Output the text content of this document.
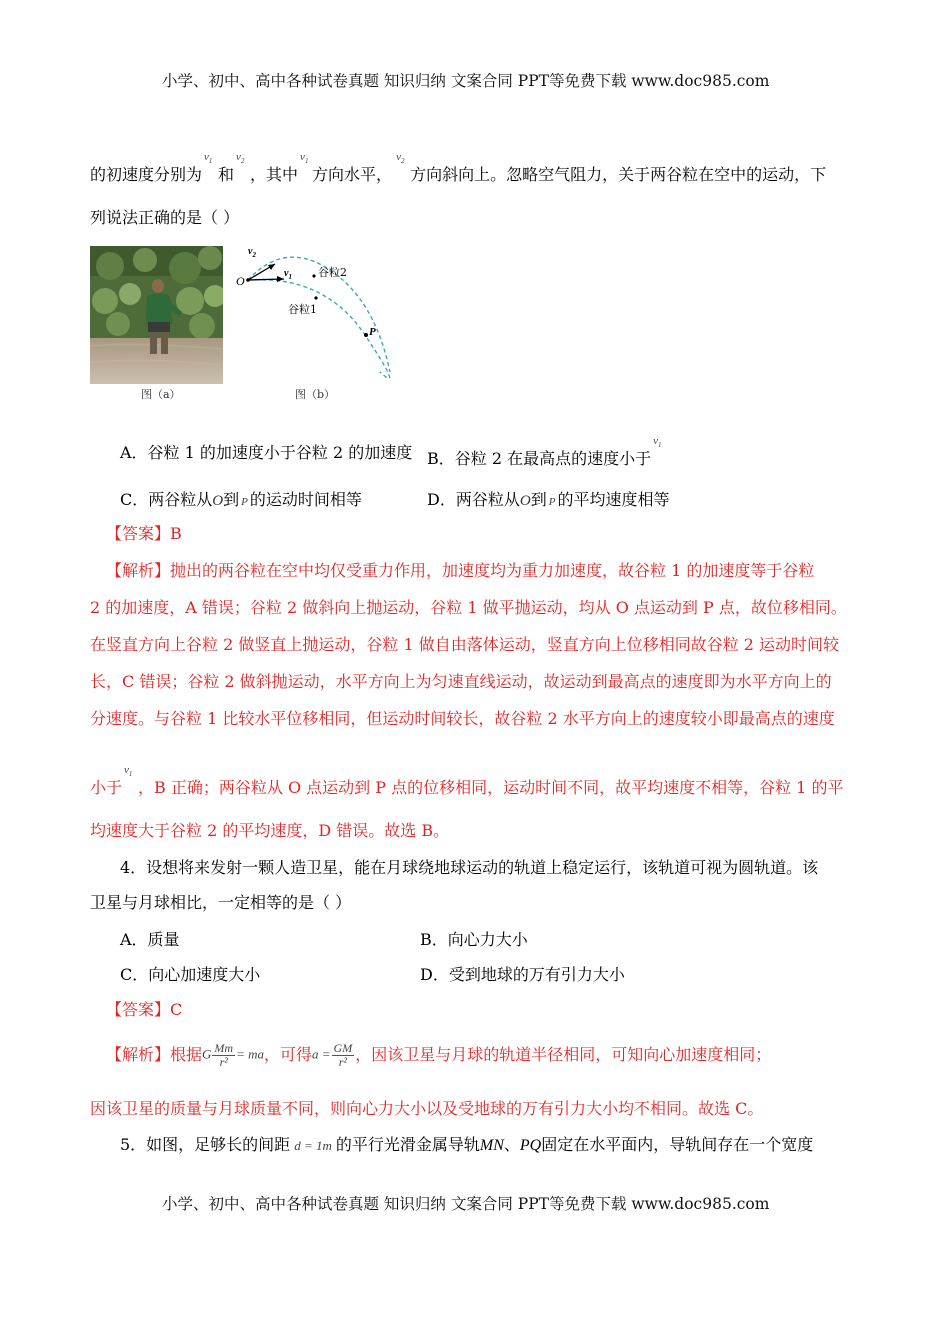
小学、初中、高中各种试卷真题 知识归纳 文案合同 PPT等免费下载 www.doc985.com
的初速度分别为
$v_1$
和
$v_2$
，其中
$v_1$
方向水平，
$v_2$
方向斜向上。忽略空气阻力，关于两谷粒在空中的运动，下
列说法正确的是（ ）
图（a）
O
$v_2$
$v_1$ 谷粒2
谷粒1
P
图（b）
A．谷粒 1 的加速度小于谷粒 2 的加速度 B．谷粒 2 在最高点的速度小于
$v_1$
C．两谷粒从O到 P 的运动时间相等	D．两谷粒从O到 P 的平均速度相等
【答案】B
【解析】抛出的两谷粒在空中均仅受重力作用，加速度均为重力加速度，故谷粒 1 的加速度等于谷粒
2 的加速度，A 错误；谷粒 2 做斜向上抛运动，谷粒 1 做平抛运动，均从 O 点运动到 P 点，故位移相同。
在竖直方向上谷粒 2 做竖直上抛运动，谷粒 1 做自由落体运动，竖直方向上位移相同故谷粒 2 运动时间较
长，C 错误；谷粒 2 做斜抛运动，水平方向上为匀速直线运动，故运动到最高点的速度即为水平方向上的
分速度。与谷粒 1 比较水平位移相同，但运动时间较长，故谷粒 2 水平方向上的速度较小即最高点的速度
小于
$v_1$
，B 正确；两谷粒从 O 点运动到 P 点的位移相同，运动时间不同，故平均速度不相等，谷粒 1 的平
均速度大于谷粒 2 的平均速度，D 错误。故选 B。
4．设想将来发射一颗人造卫星，能在月球绕地球运动的轨道上稳定运行，该轨道可视为圆轨道。该
卫星与月球相比，一定相等的是（ ）
A．质量	B．向心力大小
C．向心加速度大小	D．受到地球的万有引力大小
【答案】C
【解析】根据 G $\frac{Mm}{\text{r²}}$ = ma ，可得 $a = \frac{GM}{\text{r²}}$ ，因该卫星与月球的轨道半径相同，可知向心加速度相同；
因该卫星的质量与月球质量不同，则向心力大小以及受地球的万有引力大小均不相同。故选 C。
5．如图，足够长的间距 d = 1m 的平行光滑金属导轨MN、PQ固定在水平面内，导轨间存在一个宽度
小学、初中、高中各种试卷真题 知识归纳 文案合同 PPT等免费下载 www.doc985.com
